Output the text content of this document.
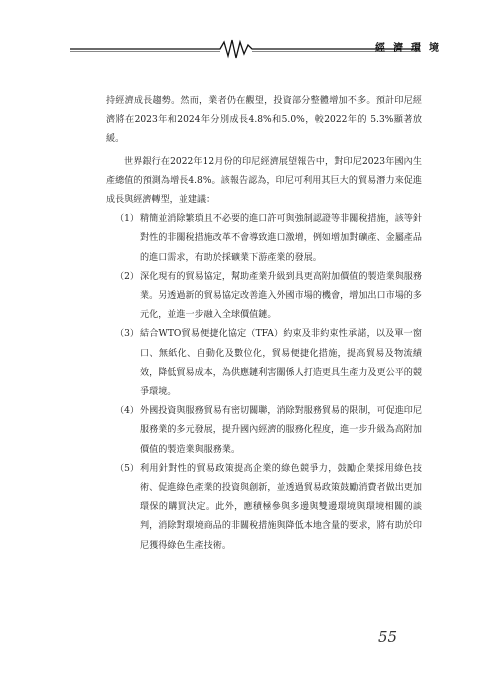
經濟環境

持經濟成長趨勢。然而，業者仍在觀望，投資部分整體增加不多。預計印尼經濟將在2023年和2024年分別成長4.8%和5.0%，較2022年的 5.3%顯著放緩。

世界銀行在2022年12月份的印尼經濟展望報告中，對印尼2023年國內生產總值的預測為增長4.8%。該報告認為，印尼可利用其巨大的貿易潛力來促進成長與經濟轉型，並建議：

（1） 精簡並消除繁瑣且不必要的進口許可與強制認證等非關稅措施，該等針對性的非關稅措施改革不會導致進口激增，例如增加對礦產、金屬產品的進口需求，有助於採礦業下游產業的發展。
（2） 深化現有的貿易協定，幫助產業升級到具更高附加價值的製造業與服務業。另透過新的貿易協定改善進入外國市場的機會，增加出口市場的多元化，並進一步融入全球價值鏈。
（3） 結合WTO貿易便捷化協定（TFA）約束及非約束性承諾，以及單一窗口、無紙化、自動化及數位化，貿易便捷化措施，提高貿易及物流績效，降低貿易成本，為供應鏈利害關係人打造更具生產力及更公平的競爭環境。
（4） 外國投資與服務貿易有密切關聯，消除對服務貿易的限制，可促進印尼服務業的多元發展，提升國內經濟的服務化程度，進一步升級為高附加價值的製造業與服務業。
（5） 利用針對性的貿易政策提高企業的綠色競爭力，鼓勵企業採用綠色技術、促進綠色產業的投資與創新，並透過貿易政策鼓勵消費者做出更加環保的購買決定。此外，應積極參與多邊與雙邊環境與環境相關的談判，消除對環境商品的非關稅措施與降低本地含量的要求，將有助於印尼獲得綠色生產技術。
55
